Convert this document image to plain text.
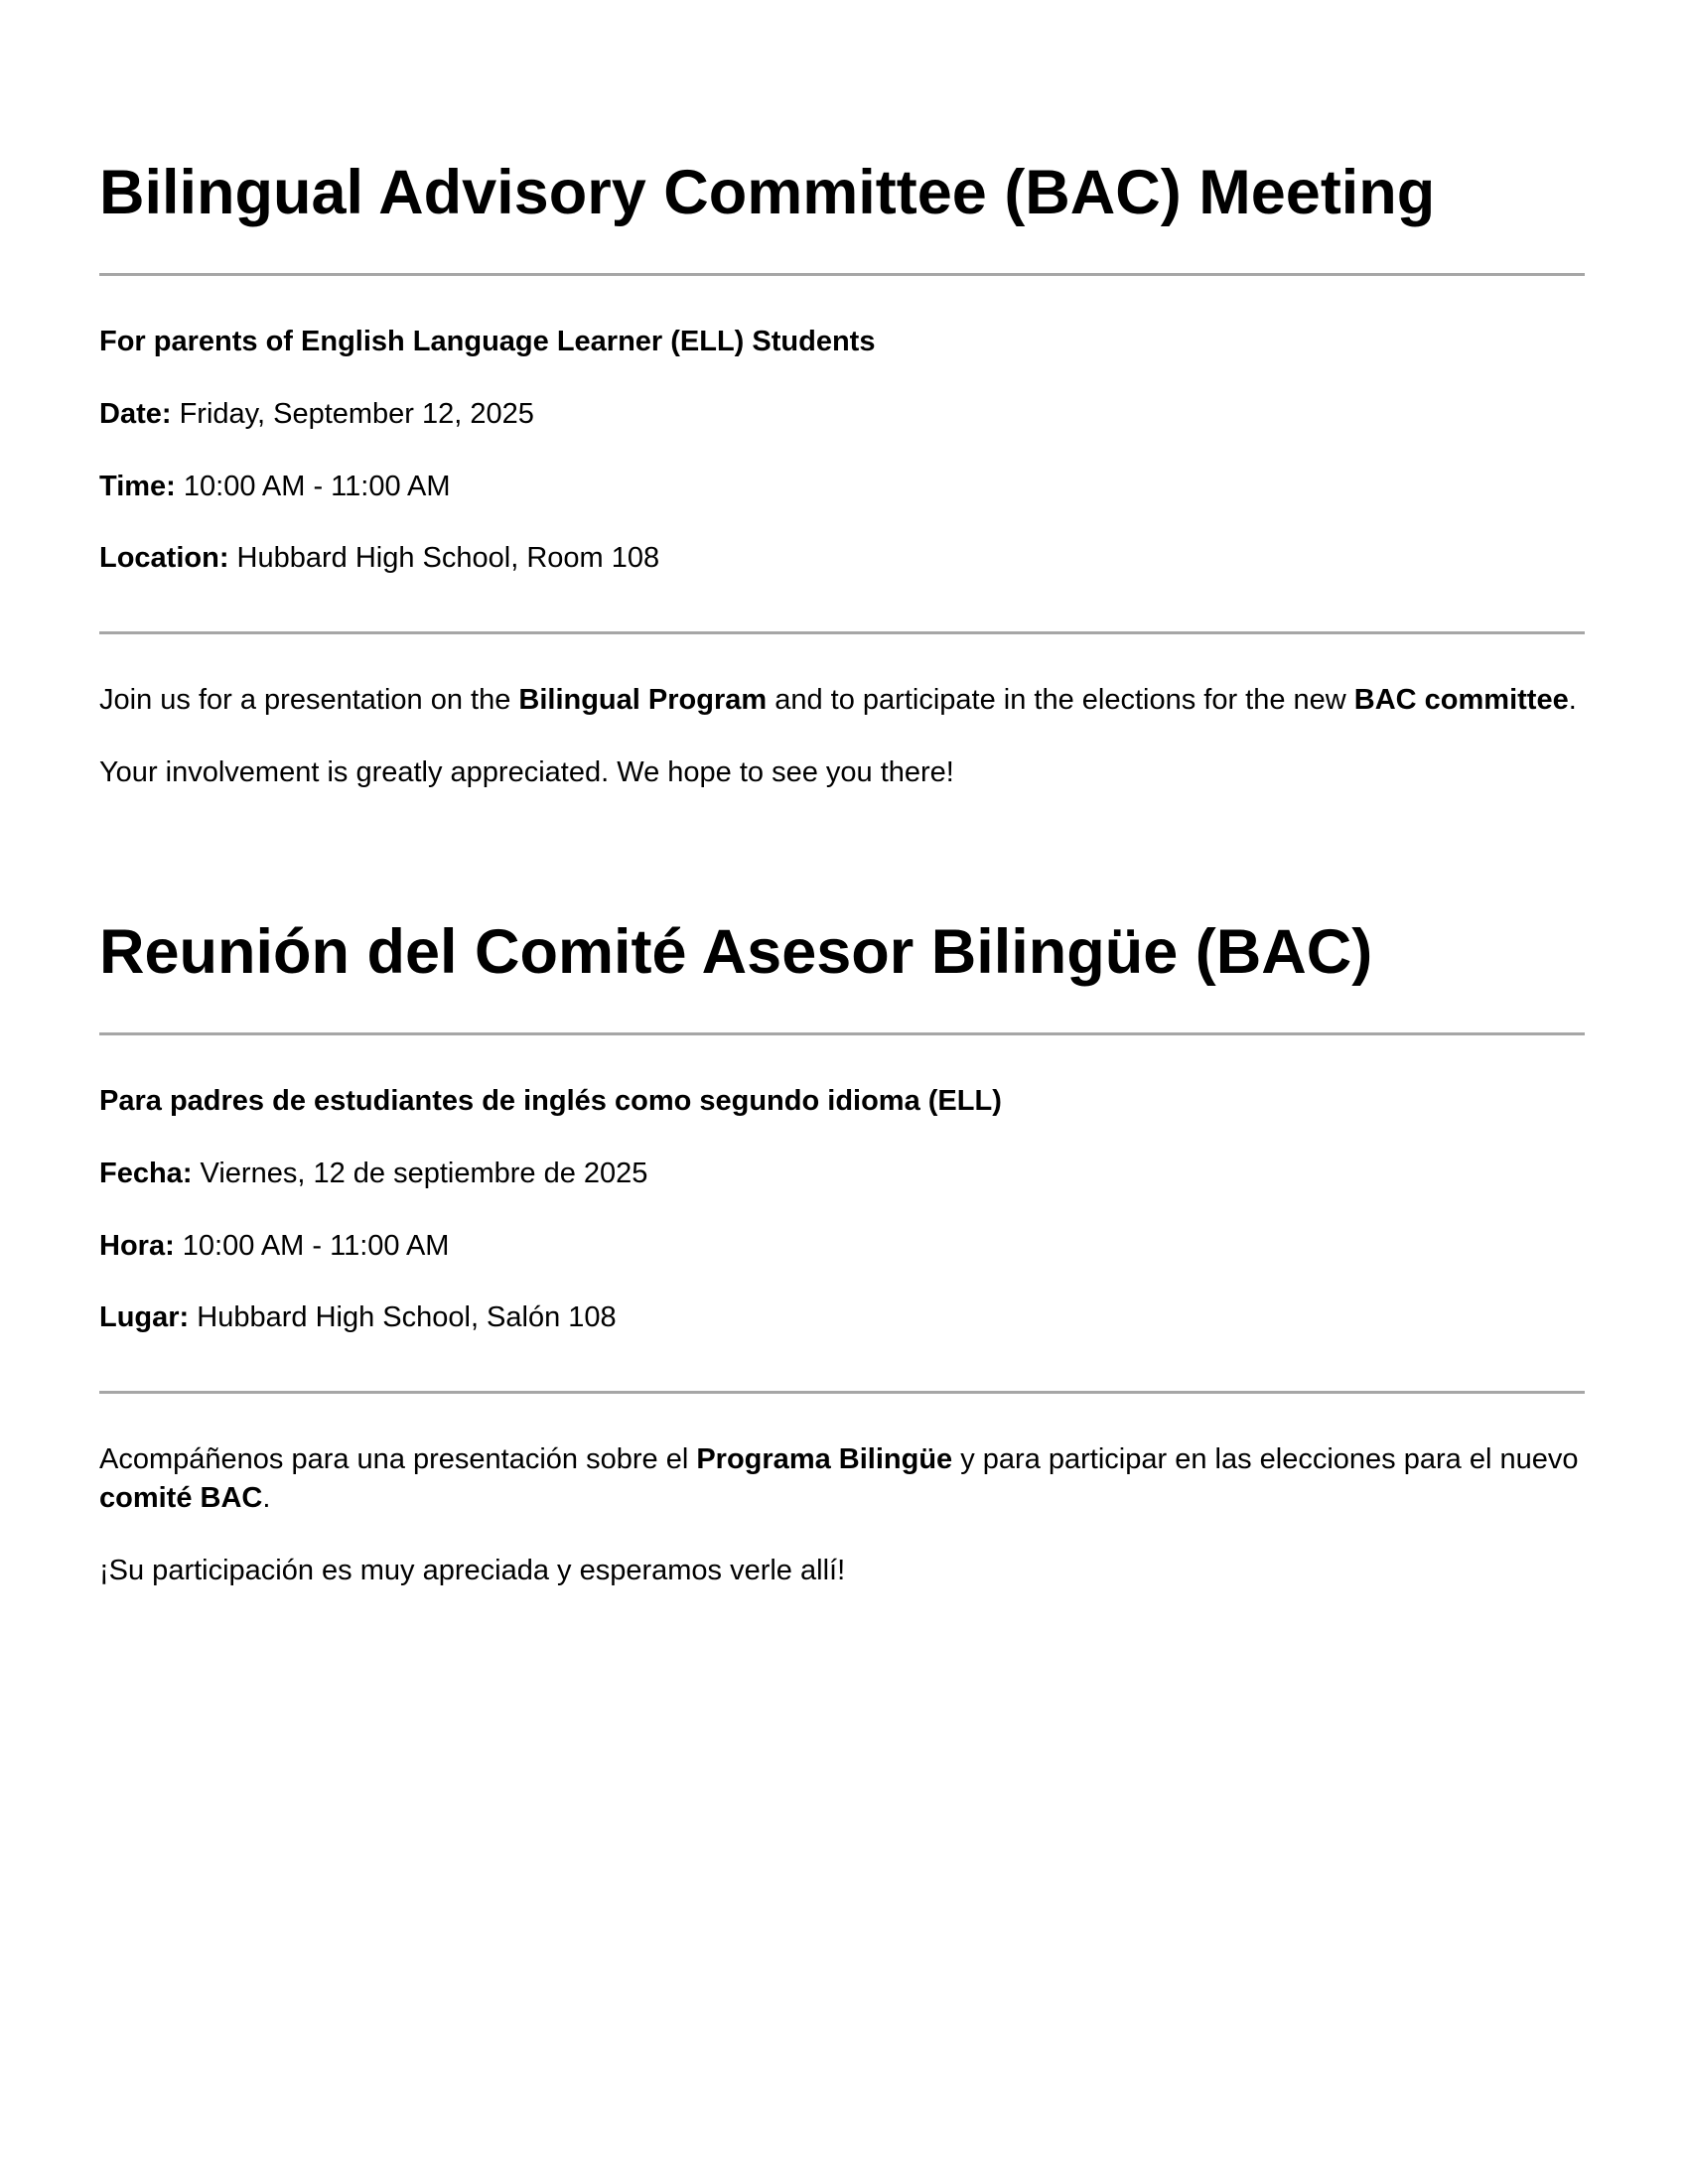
Bilingual Advisory Committee (BAC) Meeting

For parents of English Language Learner (ELL) Students

Date: Friday, September 12, 2025

Time: 10:00 AM - 11:00 AM

Location: Hubbard High School, Room 108

Join us for a presentation on the Bilingual Program and to participate in the elections for the new BAC committee.

Your involvement is greatly appreciated. We hope to see you there!

Reunión del Comité Asesor Bilingüe (BAC)

Para padres de estudiantes de inglés como segundo idioma (ELL)

Fecha: Viernes, 12 de septiembre de 2025

Hora: 10:00 AM - 11:00 AM

Lugar: Hubbard High School, Salón 108

Acompáñenos para una presentación sobre el Programa Bilingüe y para participar en las elecciones para el nuevo comité BAC.

¡Su participación es muy apreciada y esperamos verle allí!
